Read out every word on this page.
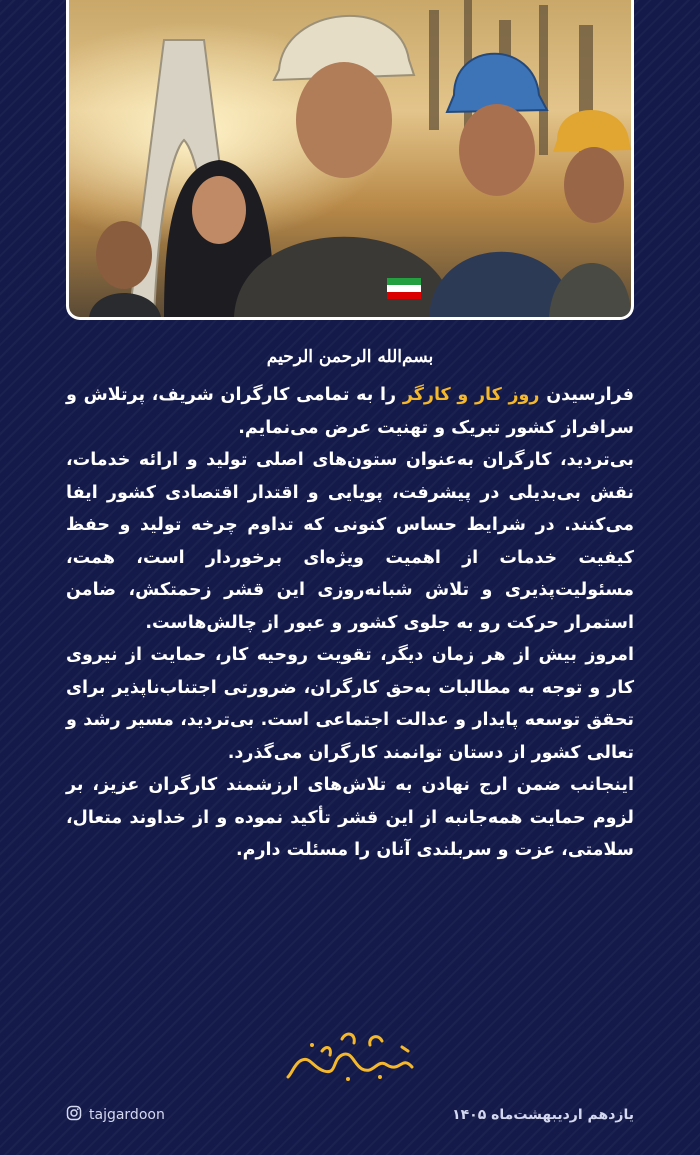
بسم‌الله الرحمن الرحیم

فرارسیدن روز کار و کارگر را به تمامی کارگران شریف، پرتلاش و سرافراز کشور تبریک و تهنیت عرض می‌نمایم.

بی‌تردید، کارگران به‌عنوان ستون‌های اصلی تولید و ارائه خدمات، نقش بی‌بدیلی در پیشرفت، پویایی و اقتدار اقتصادی کشور ایفا می‌کنند. در شرایط حساس کنونی که تداوم چرخه تولید و حفظ کیفیت خدمات از اهمیت ویژه‌ای برخوردار است، همت، مسئولیت‌پذیری و تلاش شبانه‌روزی این قشر زحمتکش، ضامن استمرار حرکت رو به جلوی کشور و عبور از چالش‌هاست.

امروز بیش از هر زمان دیگر، تقویت روحیه کار، حمایت از نیروی کار و توجه به مطالبات به‌حق کارگران، ضرورتی اجتناب‌ناپذیر برای تحقق توسعه پایدار و عدالت اجتماعی است. بی‌تردید، مسیر رشد و تعالی کشور از دستان توانمند کارگران می‌گذرد.

اینجانب ضمن ارج نهادن به تلاش‌های ارزشمند کارگران عزیز، بر لزوم حمایت همه‌جانبه از این قشر تأکید نموده و از خداوند متعال، سلامتی، عزت و سربلندی آنان را مسئلت دارم.

tajgardoon	یازدهم اردیبهشت‌ماه ۱۴۰۵
